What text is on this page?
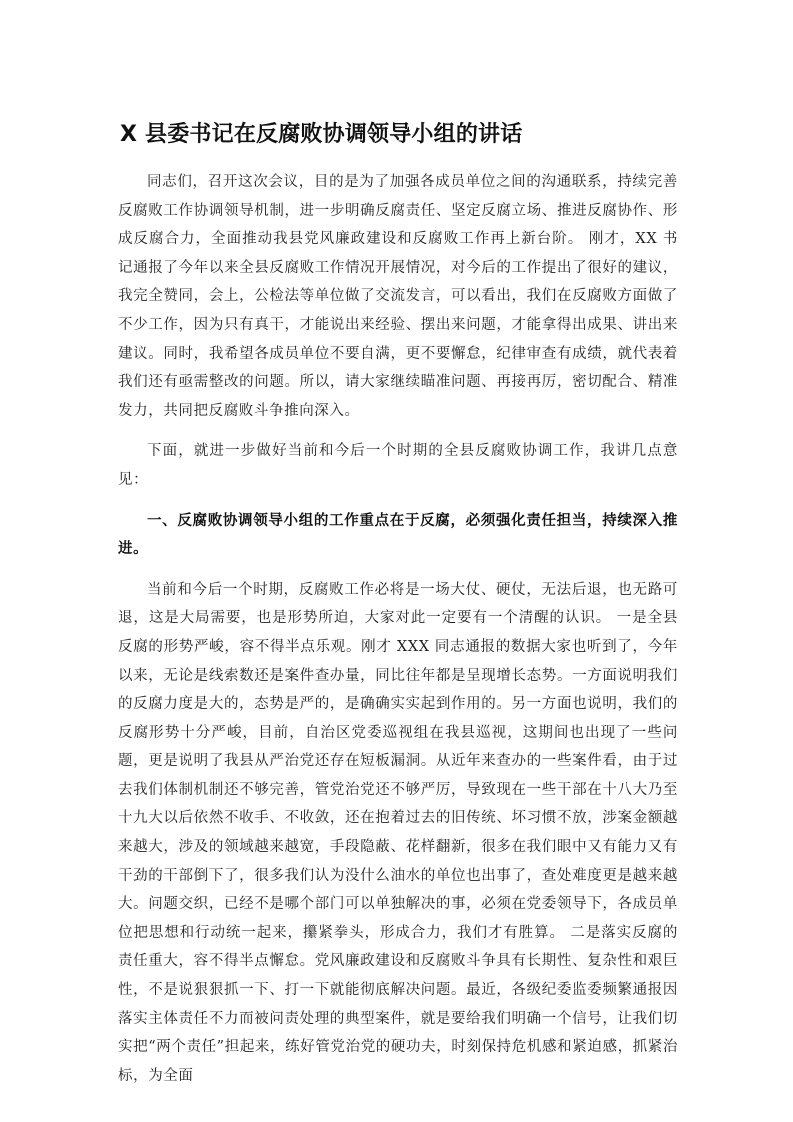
X 县委书记在反腐败协调领导小组的讲话

同志们，召开这次会议，目的是为了加强各成员单位之间的沟通联系，持续完善反腐败工作协调领导机制，进一步明确反腐责任、坚定反腐立场、推进反腐协作、形成反腐合力，全面推动我县党风廉政建设和反腐败工作再上新台阶。 刚才，XX 书记通报了今年以来全县反腐败工作情况开展情况，对今后的工作提出了很好的建议，我完全赞同，会上，公检法等单位做了交流发言，可以看出，我们在反腐败方面做了不少工作，因为只有真干，才能说出来经验、摆出来问题，才能拿得出成果、讲出来建议。同时，我希望各成员单位不要自满，更不要懈怠，纪律审查有成绩，就代表着我们还有亟需整改的问题。所以，请大家继续瞄准问题、再接再厉，密切配合、精准发力，共同把反腐败斗争推向深入。

下面，就进一步做好当前和今后一个时期的全县反腐败协调工作，我讲几点意见：

一、反腐败协调领导小组的工作重点在于反腐，必须强化责任担当，持续深入推进。

当前和今后一个时期，反腐败工作必将是一场大仗、硬仗，无法后退，也无路可退，这是大局需要，也是形势所迫，大家对此一定要有一个清醒的认识。 一是全县反腐的形势严峻，容不得半点乐观。刚才 XXX 同志通报的数据大家也听到了，今年以来，无论是线索数还是案件查办量，同比往年都是呈现增长态势。一方面说明我们的反腐力度是大的，态势是严的，是确确实实起到作用的。另一方面也说明，我们的反腐形势十分严峻，目前，自治区党委巡视组在我县巡视，这期间也出现了一些问题，更是说明了我县从严治党还存在短板漏洞。从近年来查办的一些案件看，由于过去我们体制机制还不够完善，管党治党还不够严厉，导致现在一些干部在十八大乃至十九大以后依然不收手、不收敛，还在抱着过去的旧传统、坏习惯不放，涉案金额越来越大，涉及的领域越来越宽，手段隐蔽、花样翻新，很多在我们眼中又有能力又有干劲的干部倒下了，很多我们认为没什么油水的单位也出事了，查处难度更是越来越大。问题交织，已经不是哪个部门可以单独解决的事，必须在党委领导下，各成员单位把思想和行动统一起来，攥紧拳头，形成合力，我们才有胜算。 二是落实反腐的责任重大，容不得半点懈怠。党风廉政建设和反腐败斗争具有长期性、复杂性和艰巨性，不是说狠狠抓一下、打一下就能彻底解决问题。最近，各级纪委监委频繁通报因落实主体责任不力而被问责处理的典型案件，就是要给我们明确一个信号，让我们切实把“两个责任”担起来，练好管党治党的硬功夫，时刻保持危机感和紧迫感，抓紧治标，为全面
